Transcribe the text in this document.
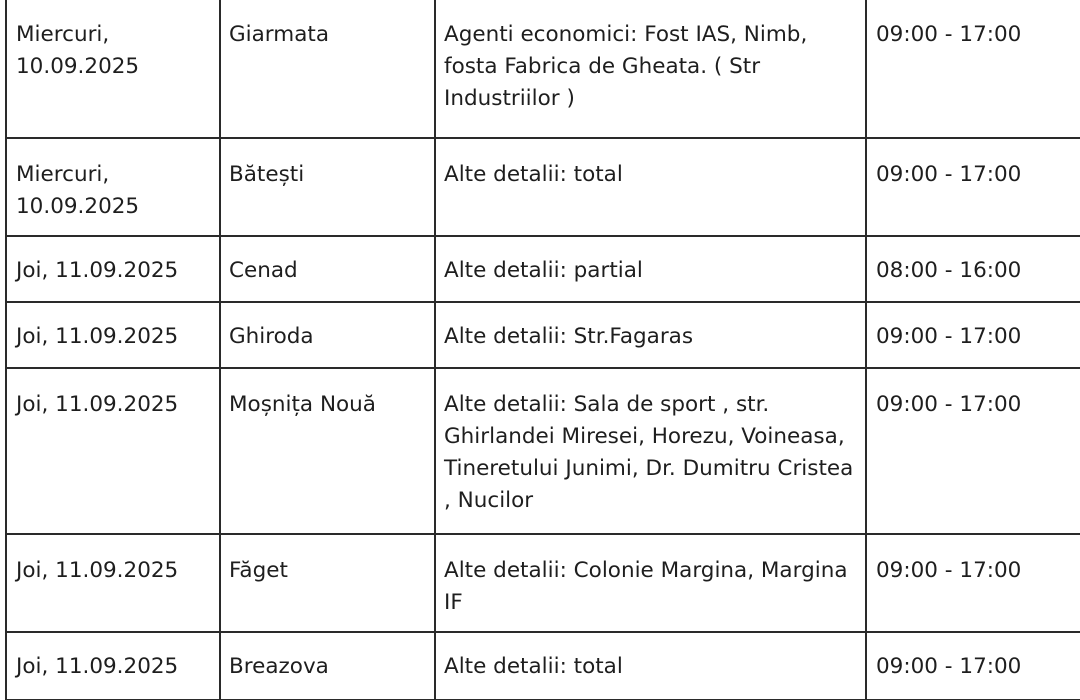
Miercuri, 10.09.2025	Giarmata	Agenti economici: Fost IAS, Nimb, fosta Fabrica de Gheata. ( Str Industriilor )	09:00 - 17:00
Miercuri, 10.09.2025	Bătești	Alte detalii: total	09:00 - 17:00
Joi, 11.09.2025	Cenad	Alte detalii: partial	08:00 - 16:00
Joi, 11.09.2025	Ghiroda	Alte detalii: Str.Fagaras	09:00 - 17:00
Joi, 11.09.2025	Moșnița Nouă	Alte detalii: Sala de sport , str. Ghirlandei Miresei, Horezu, Voineasa, Tineretului Junimi, Dr. Dumitru Cristea , Nucilor	09:00 - 17:00
Joi, 11.09.2025	Făget	Alte detalii: Colonie Margina, Margina IF	09:00 - 17:00
Joi, 11.09.2025	Breazova	Alte detalii: total	09:00 - 17:00
